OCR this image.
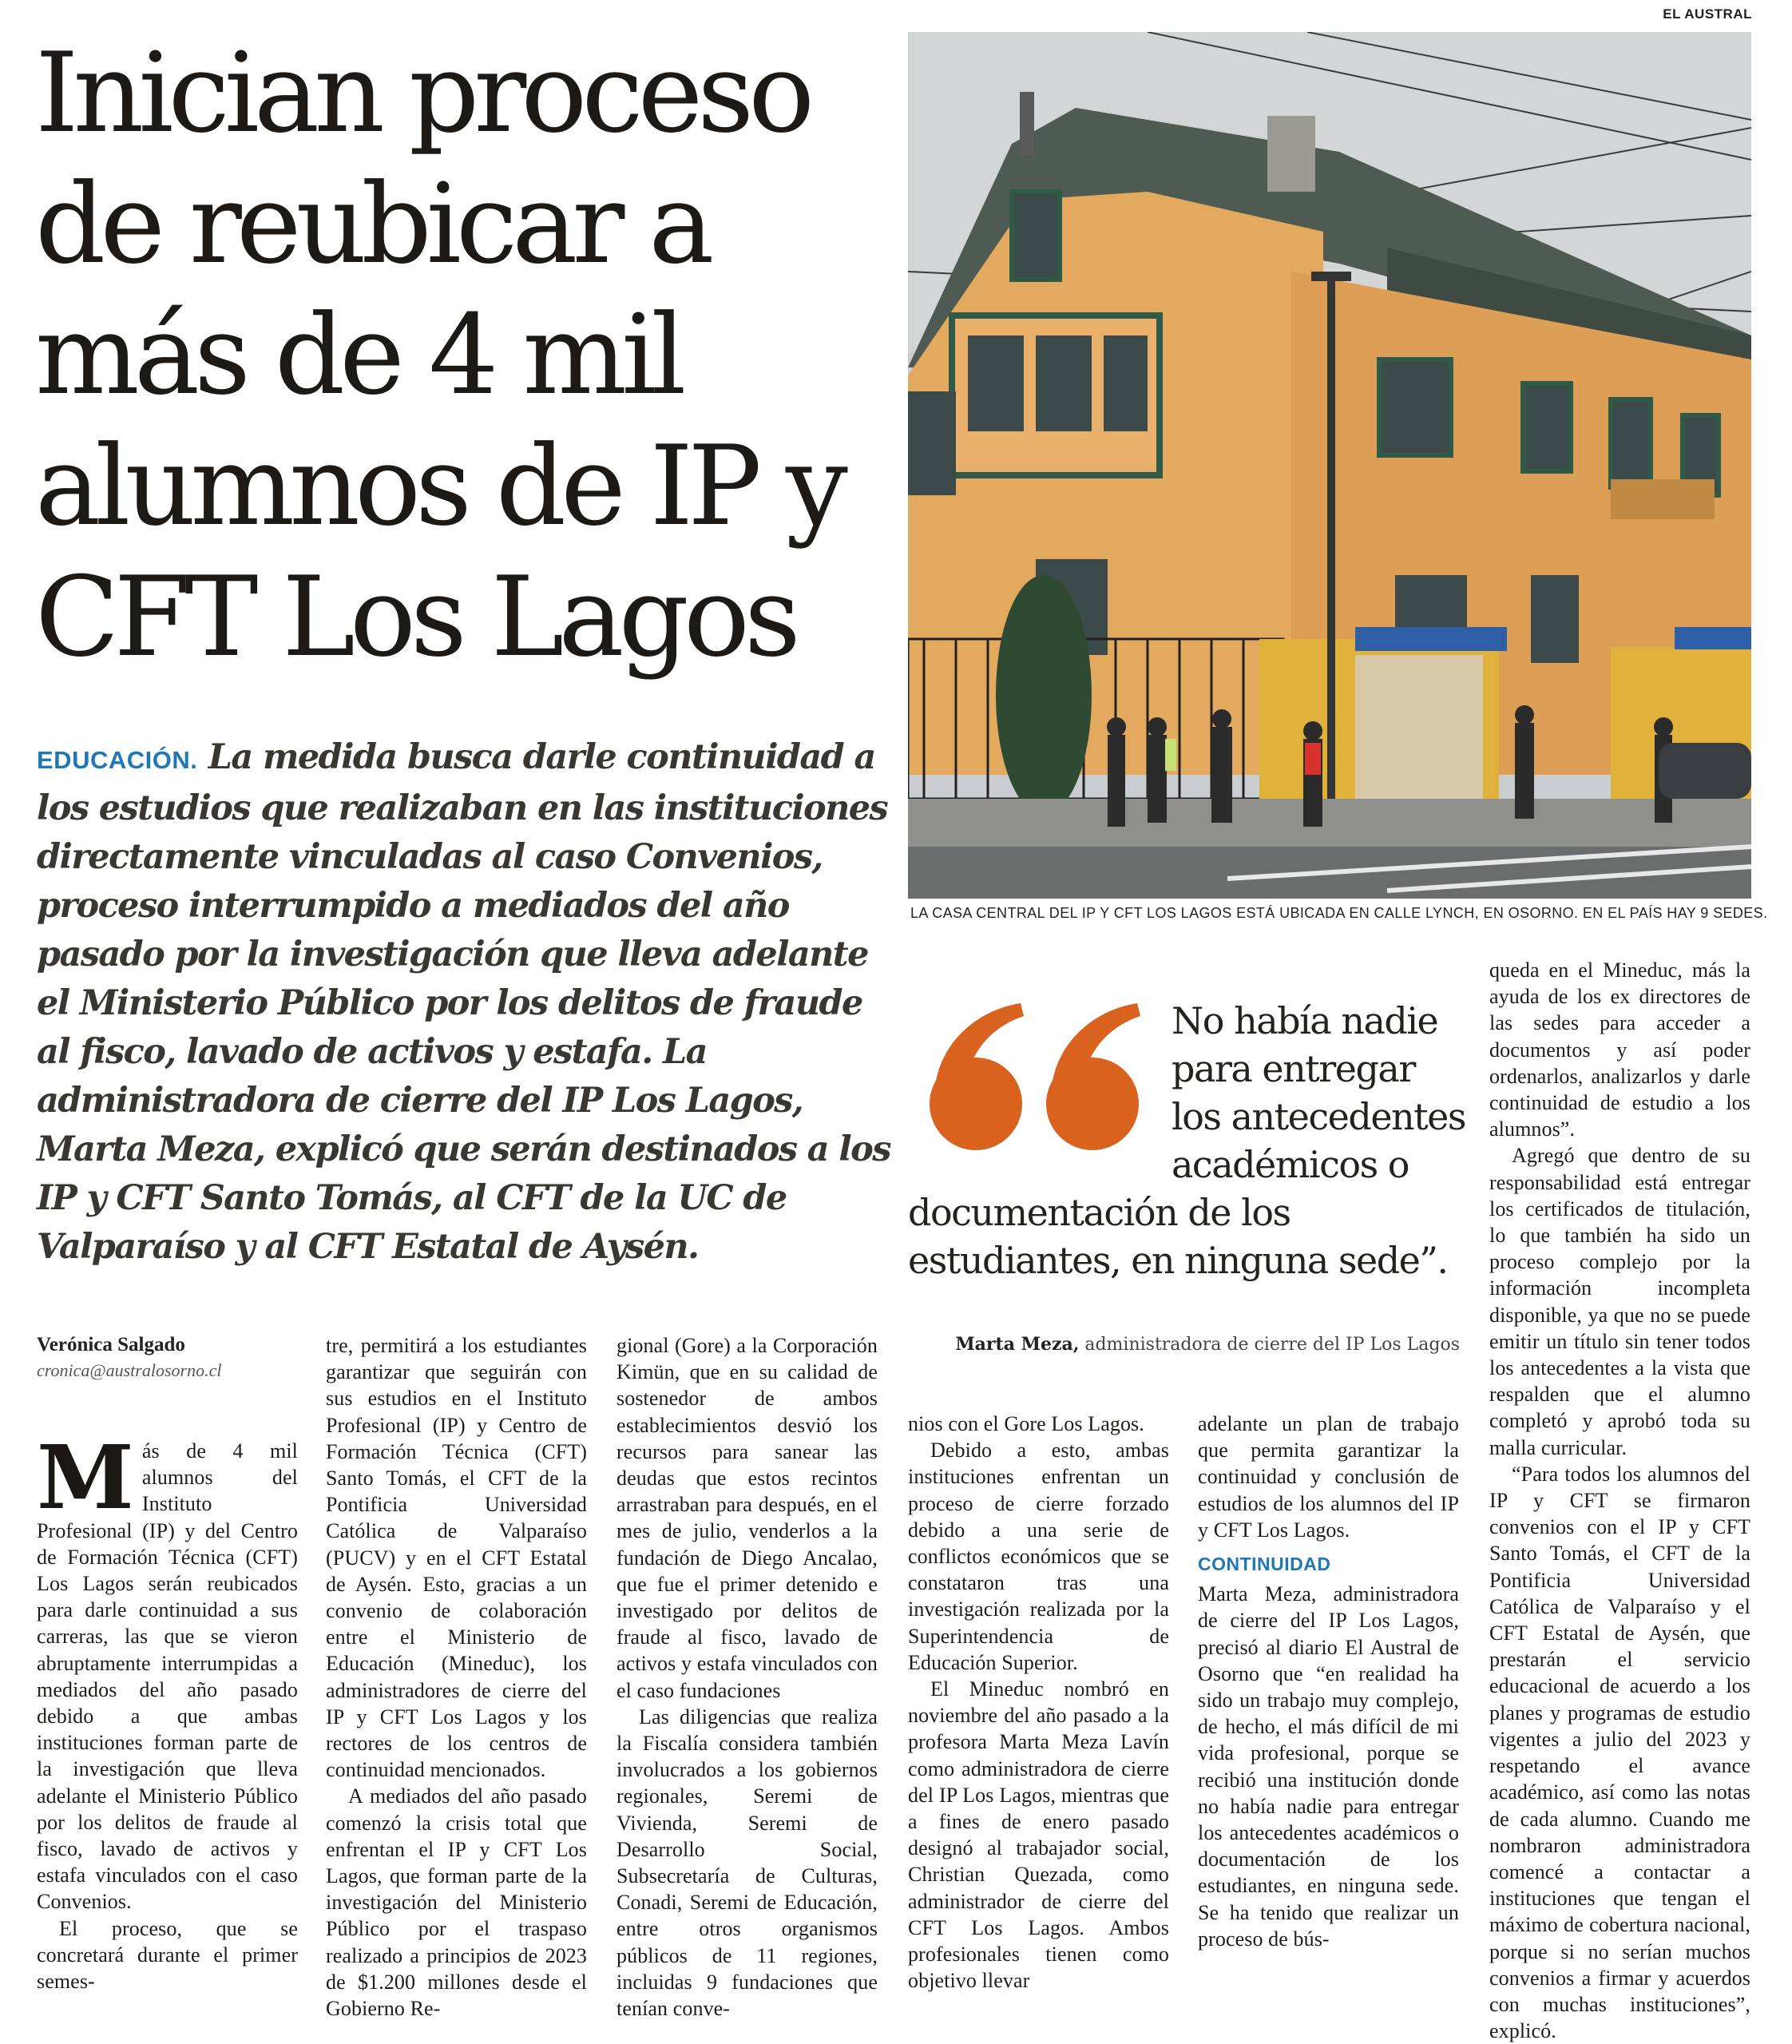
EL AUSTRAL
Inician proceso
de reubicar a
más de 4 mil
alumnos de IP y
CFT Los Lagos

EDUCACIÓN. La medida busca darle continuidad a los estudios que realizaban en las instituciones directamente vinculadas al caso Convenios, proceso interrumpido a mediados del año pasado por la investigación que lleva adelante el Ministerio Público por los delitos de fraude al fisco, lavado de activos y estafa. La administradora de cierre del IP Los Lagos, Marta Meza, explicó que serán destinados a los IP y CFT Santo Tomás, al CFT de la UC de Valparaíso y al CFT Estatal de Aysén.

LA CASA CENTRAL DEL IP Y CFT LOS LAGOS ESTÁ UBICADA EN CALLE LYNCH, EN OSORNO. EN EL PAÍS HAY 9 SEDES.
No había nadie
para entregar
los antecedentes
académicos o
documentación de los
estudiantes, en ninguna sede”.
Marta Meza, administradora de cierre del IP Los Lagos
Verónica Salgado
cronica@australosorno.cl

Más de 4 mil alumnos del Instituto Profesional (IP) y del Centro de Formación Técnica (CFT) Los Lagos serán reubicados para darle continuidad a sus carreras, las que se vieron abruptamente interrumpidas a mediados del año pasado debido a que ambas instituciones forman parte de la investigación que lleva adelante el Ministerio Público por los delitos de fraude al fisco, lavado de activos y estafa vinculados con el caso Convenios.

El proceso, que se concretará durante el primer semes-

tre, permitirá a los estudiantes garantizar que seguirán con sus estudios en el Instituto Profesional (IP) y Centro de Formación Técnica (CFT) Santo Tomás, el CFT de la Pontificia Universidad Católica de Valparaíso (PUCV) y en el CFT Estatal de Aysén. Esto, gracias a un convenio de colaboración entre el Ministerio de Educación (Mineduc), los administradores de cierre del IP y CFT Los Lagos y los rectores de los centros de continuidad mencionados.

A mediados del año pasado comenzó la crisis total que enfrentan el IP y CFT Los Lagos, que forman parte de la investigación del Ministerio Público por el traspaso realizado a principios de 2023 de $1.200 millones desde el Gobierno Re-

gional (Gore) a la Corporación Kimün, que en su calidad de sostenedor de ambos establecimientos desvió los recursos para sanear las deudas que estos recintos arrastraban para después, en el mes de julio, venderlos a la fundación de Diego Ancalao, que fue el primer detenido e investigado por delitos de fraude al fisco, lavado de activos y estafa vinculados con el caso fundaciones

Las diligencias que realiza la Fiscalía considera también involucrados a los gobiernos regionales, Seremi de Vivienda, Seremi de Desarrollo Social, Subsecretaría de Culturas, Conadi, Seremi de Educación, entre otros organismos públicos de 11 regiones, incluidas 9 fundaciones que tenían conve-

nios con el Gore Los Lagos.

Debido a esto, ambas instituciones enfrentan un proceso de cierre forzado debido a una serie de conflictos económicos que se constataron tras una investigación realizada por la Superintendencia de Educación Superior.

El Mineduc nombró en noviembre del año pasado a la profesora Marta Meza Lavín como administradora de cierre del IP Los Lagos, mientras que a fines de enero pasado designó al trabajador social, Christian Quezada, como administrador de cierre del CFT Los Lagos. Ambos profesionales tienen como objetivo llevar

adelante un plan de trabajo que permita garantizar la continuidad y conclusión de estudios de los alumnos del IP y CFT Los Lagos.

CONTINUIDAD

Marta Meza, administradora de cierre del IP Los Lagos, precisó al diario El Austral de Osorno que “en realidad ha sido un trabajo muy complejo, de hecho, el más difícil de mi vida profesional, porque se recibió una institución donde no había nadie para entregar los antecedentes académicos o documentación de los estudiantes, en ninguna sede. Se ha tenido que realizar un proceso de bús-

queda en el Mineduc, más la ayuda de los ex directores de las sedes para acceder a documentos y así poder ordenarlos, analizarlos y darle continuidad de estudio a los alumnos”.

Agregó que dentro de su responsabilidad está entregar los certificados de titulación, lo que también ha sido un proceso complejo por la información incompleta disponible, ya que no se puede emitir un título sin tener todos los antecedentes a la vista que respalden que el alumno completó y aprobó toda su malla curricular.

“Para todos los alumnos del IP y CFT se firmaron convenios con el IP y CFT Santo Tomás, el CFT de la Pontificia Universidad Católica de Valparaíso y el CFT Estatal de Aysén, que prestarán el servicio educacional de acuerdo a los planes y programas de estudio vigentes a julio del 2023 y respetando el avance académico, así como las notas de cada alumno. Cuando me nombraron administradora comencé a contactar a instituciones que tengan el máximo de cobertura nacional, porque si no serían muchos convenios a firmar y acuerdos con muchas instituciones”, explicó.
